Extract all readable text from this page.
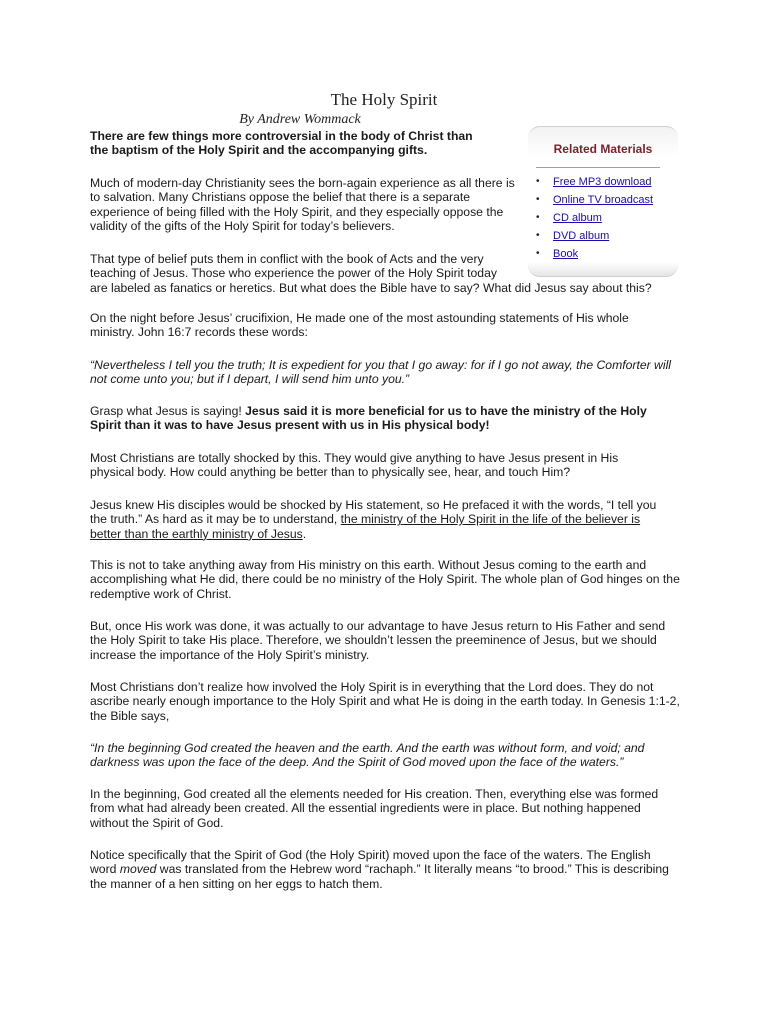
The Holy Spirit
By Andrew Wommack

There are few things more controversial in the body of Christ than the baptism of the Holy Spirit and the accompanying gifts.	Related Materials
• Free MP3 download
• Online TV broadcast
• CD album
• DVD album
• Book

Much of modern-day Christianity sees the born-again experience as all there is to salvation. Many Christians oppose the belief that there is a separate experience of being filled with the Holy Spirit, and they especially oppose the validity of the gifts of the Holy Spirit for today’s believers.

That type of belief puts them in conflict with the book of Acts and the very teaching of Jesus. Those who experience the power of the Holy Spirit today
are labeled as fanatics or heretics. But what does the Bible have to say? What did Jesus say about this?

On the night before Jesus’ crucifixion, He made one of the most astounding statements of His whole ministry. John 16:7 records these words:

“Nevertheless I tell you the truth; It is expedient for you that I go away: for if I go not away, the Comforter will not come unto you; but if I depart, I will send him unto you.”

Grasp what Jesus is saying! Jesus said it is more beneficial for us to have the ministry of the Holy Spirit than it was to have Jesus present with us in His physical body!

Most Christians are totally shocked by this. They would give anything to have Jesus present in His physical body. How could anything be better than to physically see, hear, and touch Him?

Jesus knew His disciples would be shocked by His statement, so He prefaced it with the words, “I tell you the truth.” As hard as it may be to understand, the ministry of the Holy Spirit in the life of the believer is better than the earthly ministry of Jesus.

This is not to take anything away from His ministry on this earth. Without Jesus coming to the earth and accomplishing what He did, there could be no ministry of the Holy Spirit. The whole plan of God hinges on the redemptive work of Christ.

But, once His work was done, it was actually to our advantage to have Jesus return to His Father and send the Holy Spirit to take His place. Therefore, we shouldn’t lessen the preeminence of Jesus, but we should increase the importance of the Holy Spirit’s ministry.

Most Christians don’t realize how involved the Holy Spirit is in everything that the Lord does. They do not ascribe nearly enough importance to the Holy Spirit and what He is doing in the earth today. In Genesis 1:1-2, the Bible says,

“In the beginning God created the heaven and the earth. And the earth was without form, and void; and darkness was upon the face of the deep. And the Spirit of God moved upon the face of the waters.”

In the beginning, God created all the elements needed for His creation. Then, everything else was formed from what had already been created. All the essential ingredients were in place. But nothing happened without the Spirit of God.

Notice specifically that the Spirit of God (the Holy Spirit) moved upon the face of the waters. The English word moved was translated from the Hebrew word “rachaph.” It literally means “to brood.” This is describing the manner of a hen sitting on her eggs to hatch them.
